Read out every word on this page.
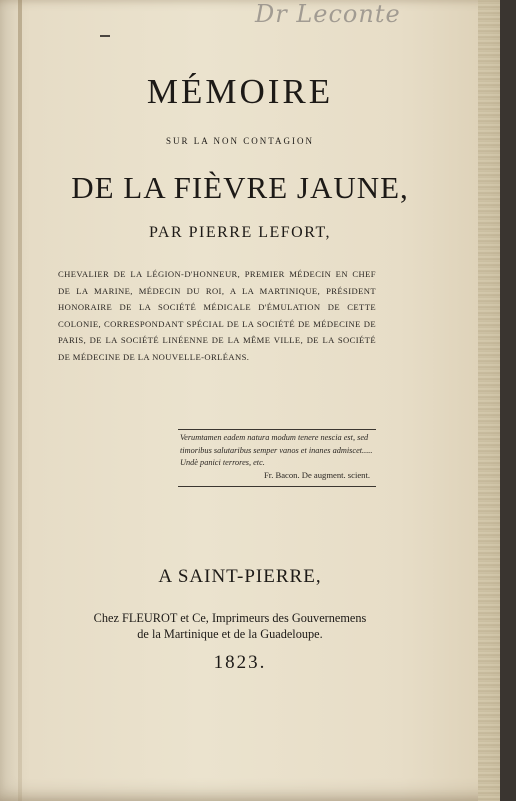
Dr Leconte
MÉMOIRE
SUR LA NON CONTAGION
DE LA FIÈVRE JAUNE,
PAR PIERRE LEFORT,
CHEVALIER DE LA LÉGION-D'HONNEUR, PREMIER MÉDECIN EN CHEF DE LA MARINE, MÉDECIN DU ROI, A LA MARTINIQUE, PRÉSIDENT HONORAIRE DE LA SOCIÉTÉ MÉDICALE D'ÉMULATION DE CETTE COLONIE, CORRESPONDANT SPÉCIAL DE LA SOCIÉTÉ DE MÉDECINE DE PARIS, DE LA SOCIÉTÉ LINÉENNE DE LA MÊME VILLE, DE LA SOCIÉTÉ DE MÉDECINE DE LA NOUVELLE-ORLÉANS.
Verumtamen eadem natura modum tenere nescia est, sed timoribus salutaribus semper vanos et inanes admiscet..... Undè panici terrores, etc.
Fr. Bacon. De augment. scient.
A SAINT-PIERRE,
Chez FLEUROT et Ce, Imprimeurs des Gouvernemens
de la Martinique et de la Guadeloupe.
1823.
